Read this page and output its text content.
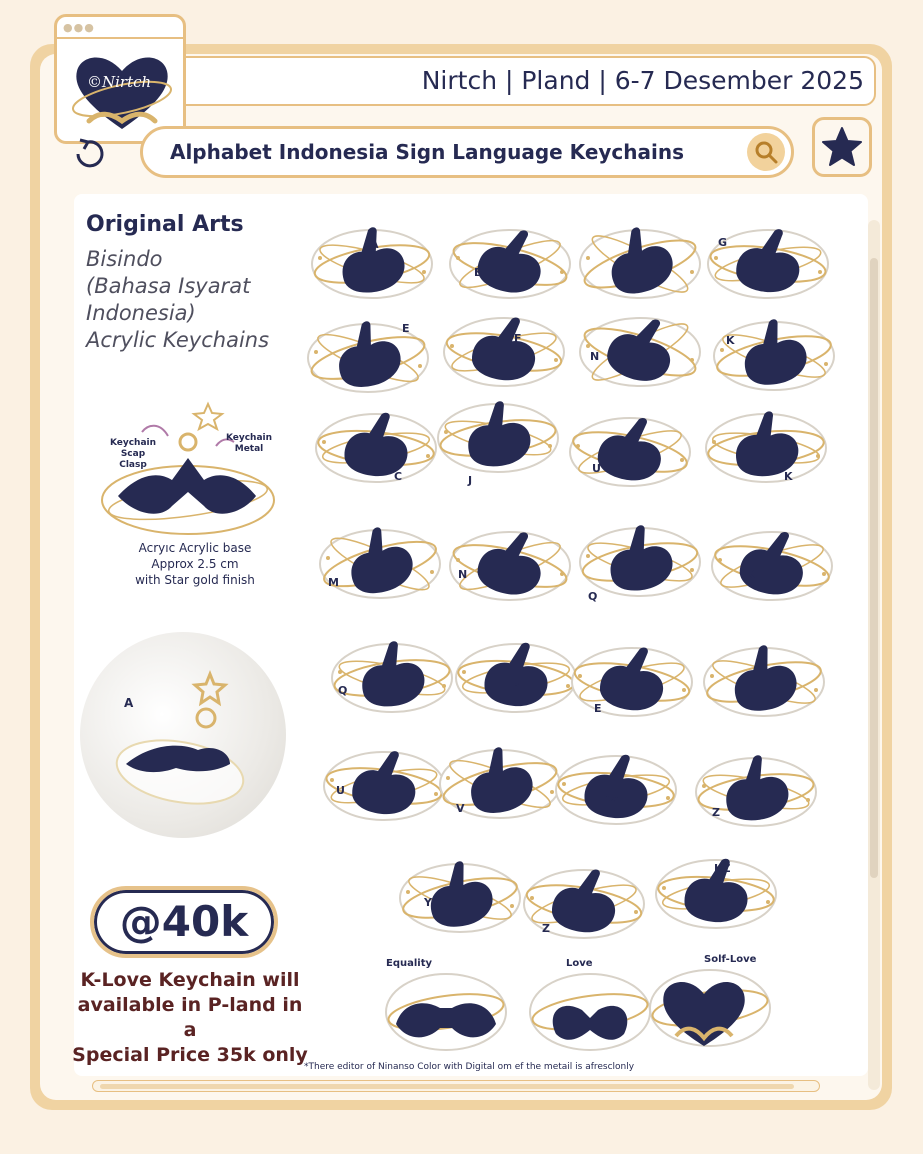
Nirtch | Pland | 6-7 Desember 2025
●●●
©Nirtch
Alphabet Indonesia Sign Language Keychains
Original Arts
Bisindo
(Bahasa Isyarat
Indonesia)
Acrylic Keychains
Keychain
Scap Clasp
Keychain
Metal
Acryıc Acrylic base
Approx 2.5 cm
with Star gold finish
A
@40k
K-Love Keychain will
available in P-land in a
Special Price 35k only
A
B	G
G
E
F
N
K
C	J
U
K
M
N
Q
K
Q	R
E
T
U
V
W
Z
Y
Z
KZ
Equality	Love	Solf-Love
*There editor of Ninanso Color with Digital om ef the metail is afresclonly
